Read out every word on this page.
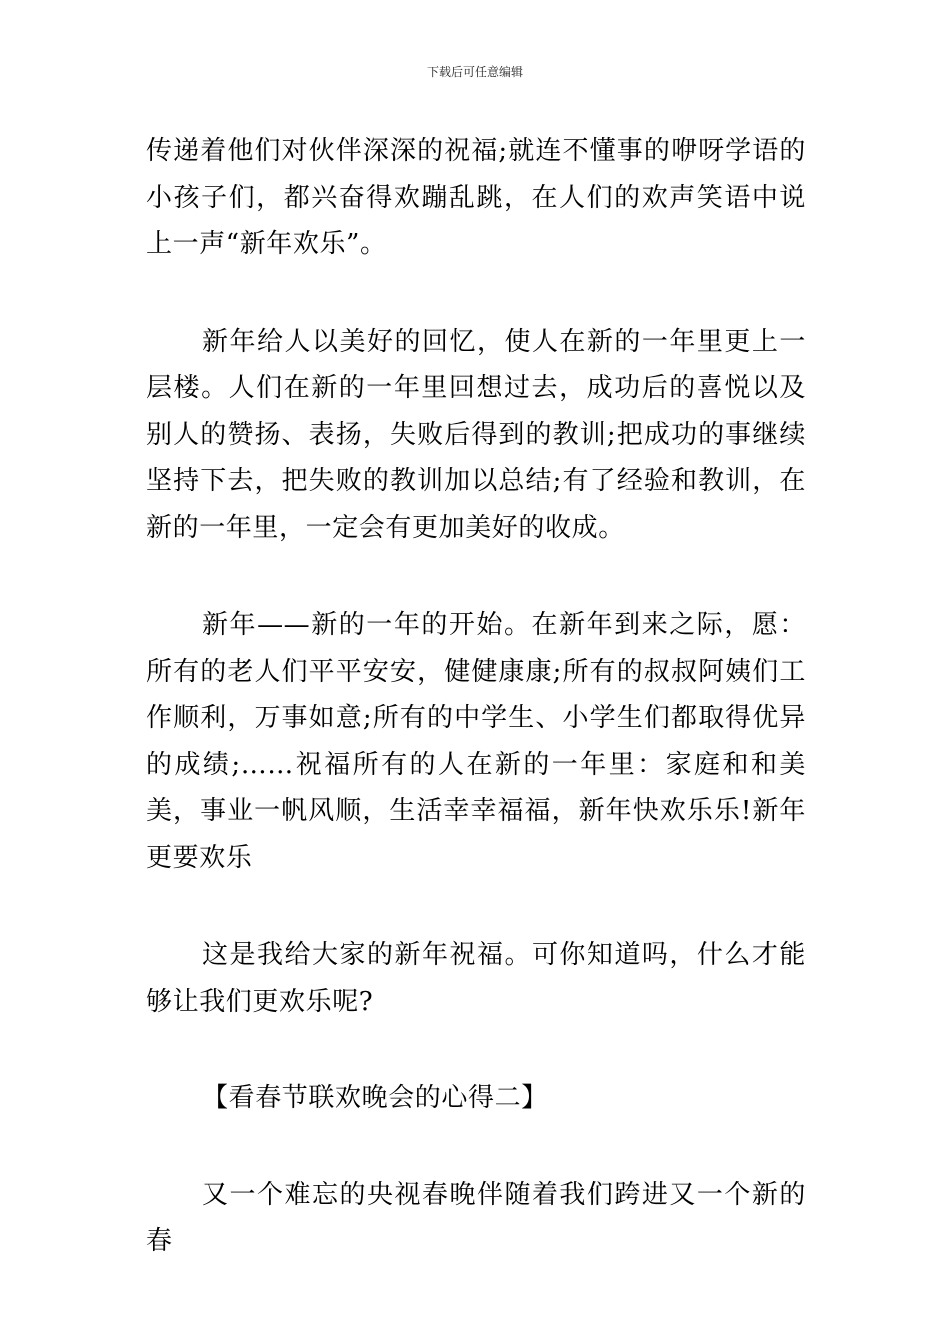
下载后可任意编辑

传递着他们对伙伴深深的祝福;就连不懂事的咿呀学语的小孩子们，都兴奋得欢蹦乱跳，在人们的欢声笑语中说上一声“新年欢乐”。

新年给人以美好的回忆，使人在新的一年里更上一层楼。人们在新的一年里回想过去，成功后的喜悦以及别人的赞扬、表扬，失败后得到的教训;把成功的事继续坚持下去，把失败的教训加以总结;有了经验和教训，在新的一年里，一定会有更加美好的收成。

新年——新的一年的开始。在新年到来之际，愿：所有的老人们平平安安，健健康康;所有的叔叔阿姨们工作顺利，万事如意;所有的中学生、小学生们都取得优异的成绩;……祝福所有的人在新的一年里：家庭和和美美，事业一帆风顺，生活幸幸福福，新年快欢乐乐!新年更要欢乐

这是我给大家的新年祝福。可你知道吗，什么才能够让我们更欢乐呢?

【看春节联欢晚会的心得二】

又一个难忘的央视春晚伴随着我们跨进又一个新的春
